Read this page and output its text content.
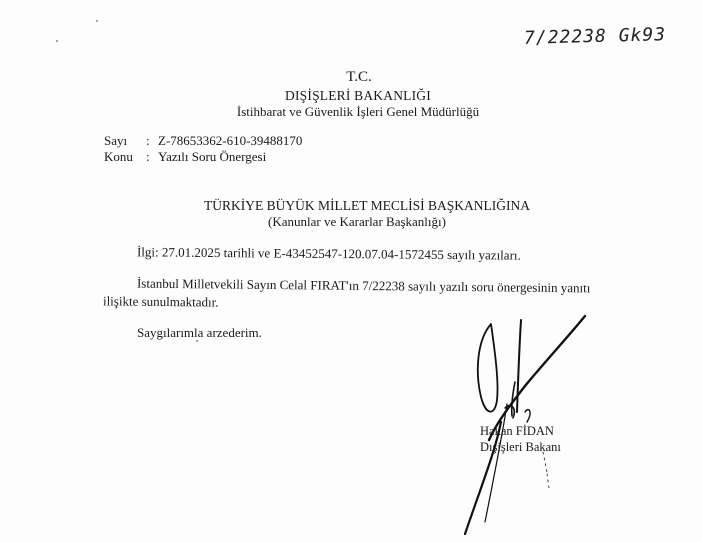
7/22238 Gk93
T.C.
DIŞİŞLERİ BAKANLIĞI
İstihbarat ve Güvenlik İşleri Genel Müdürlüğü
Sayı : Z-78653362-610-39488170
Konu : Yazılı Soru Önergesi
TÜRKİYE BÜYÜK MİLLET MECLİSİ BAŞKANLIĞINA
(Kanunlar ve Kararlar Başkanlığı)
İlgi: 27.01.2025 tarihli ve E-43452547-120.07.04-1572455 sayılı yazıları.
İstanbul Milletvekili Sayın Celal FIRAT'ın 7/22238 sayılı yazılı soru önergesinin yanıtı
ilişikte sunulmaktadır.
Saygılarımla arzederim.
Hakan FİDAN
Dışişleri Bakanı
